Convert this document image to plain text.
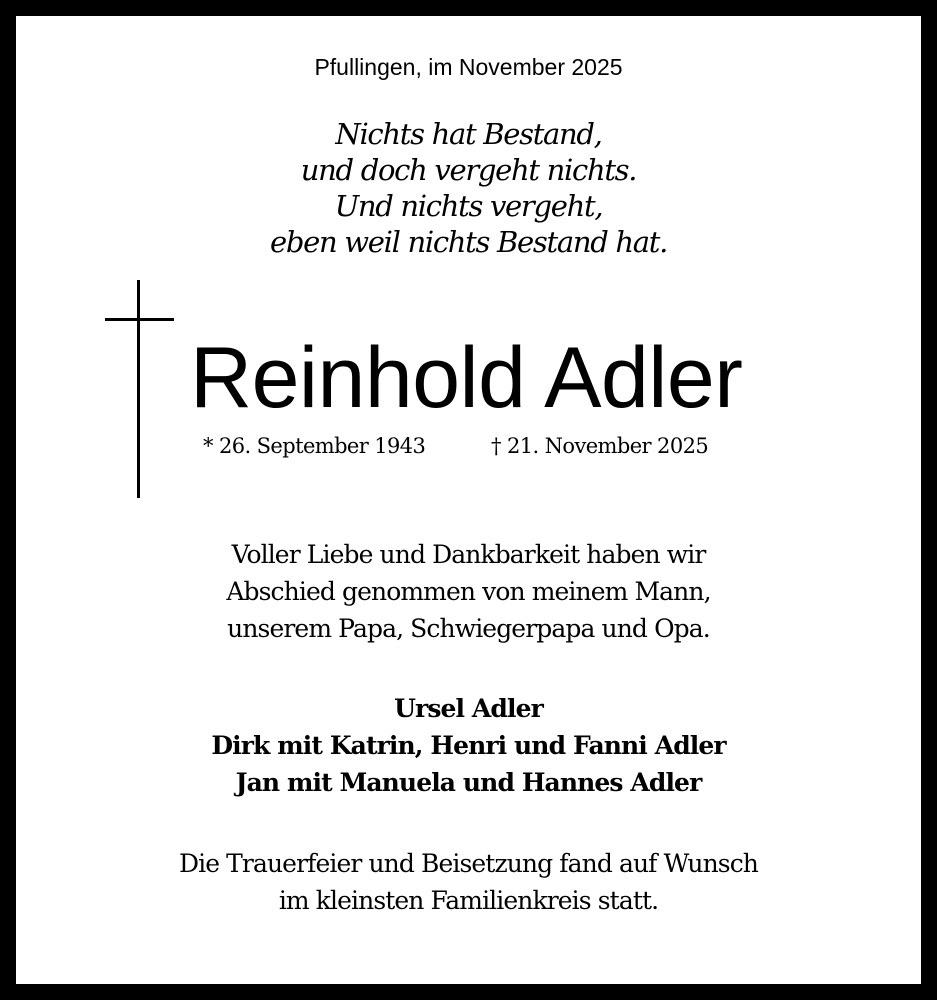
Pfullingen, im November 2025
Nichts hat Bestand,
und doch vergeht nichts.
Und nichts vergeht,
eben weil nichts Bestand hat.
Reinhold Adler
* 26. September 1943	† 21. November 2025
Voller Liebe und Dankbarkeit haben wir
Abschied genommen von meinem Mann,
unserem Papa, Schwiegerpapa und Opa.
Ursel Adler
Dirk mit Katrin, Henri und Fanni Adler
Jan mit Manuela und Hannes Adler
Die Trauerfeier und Beisetzung fand auf Wunsch
im kleinsten Familienkreis statt.
